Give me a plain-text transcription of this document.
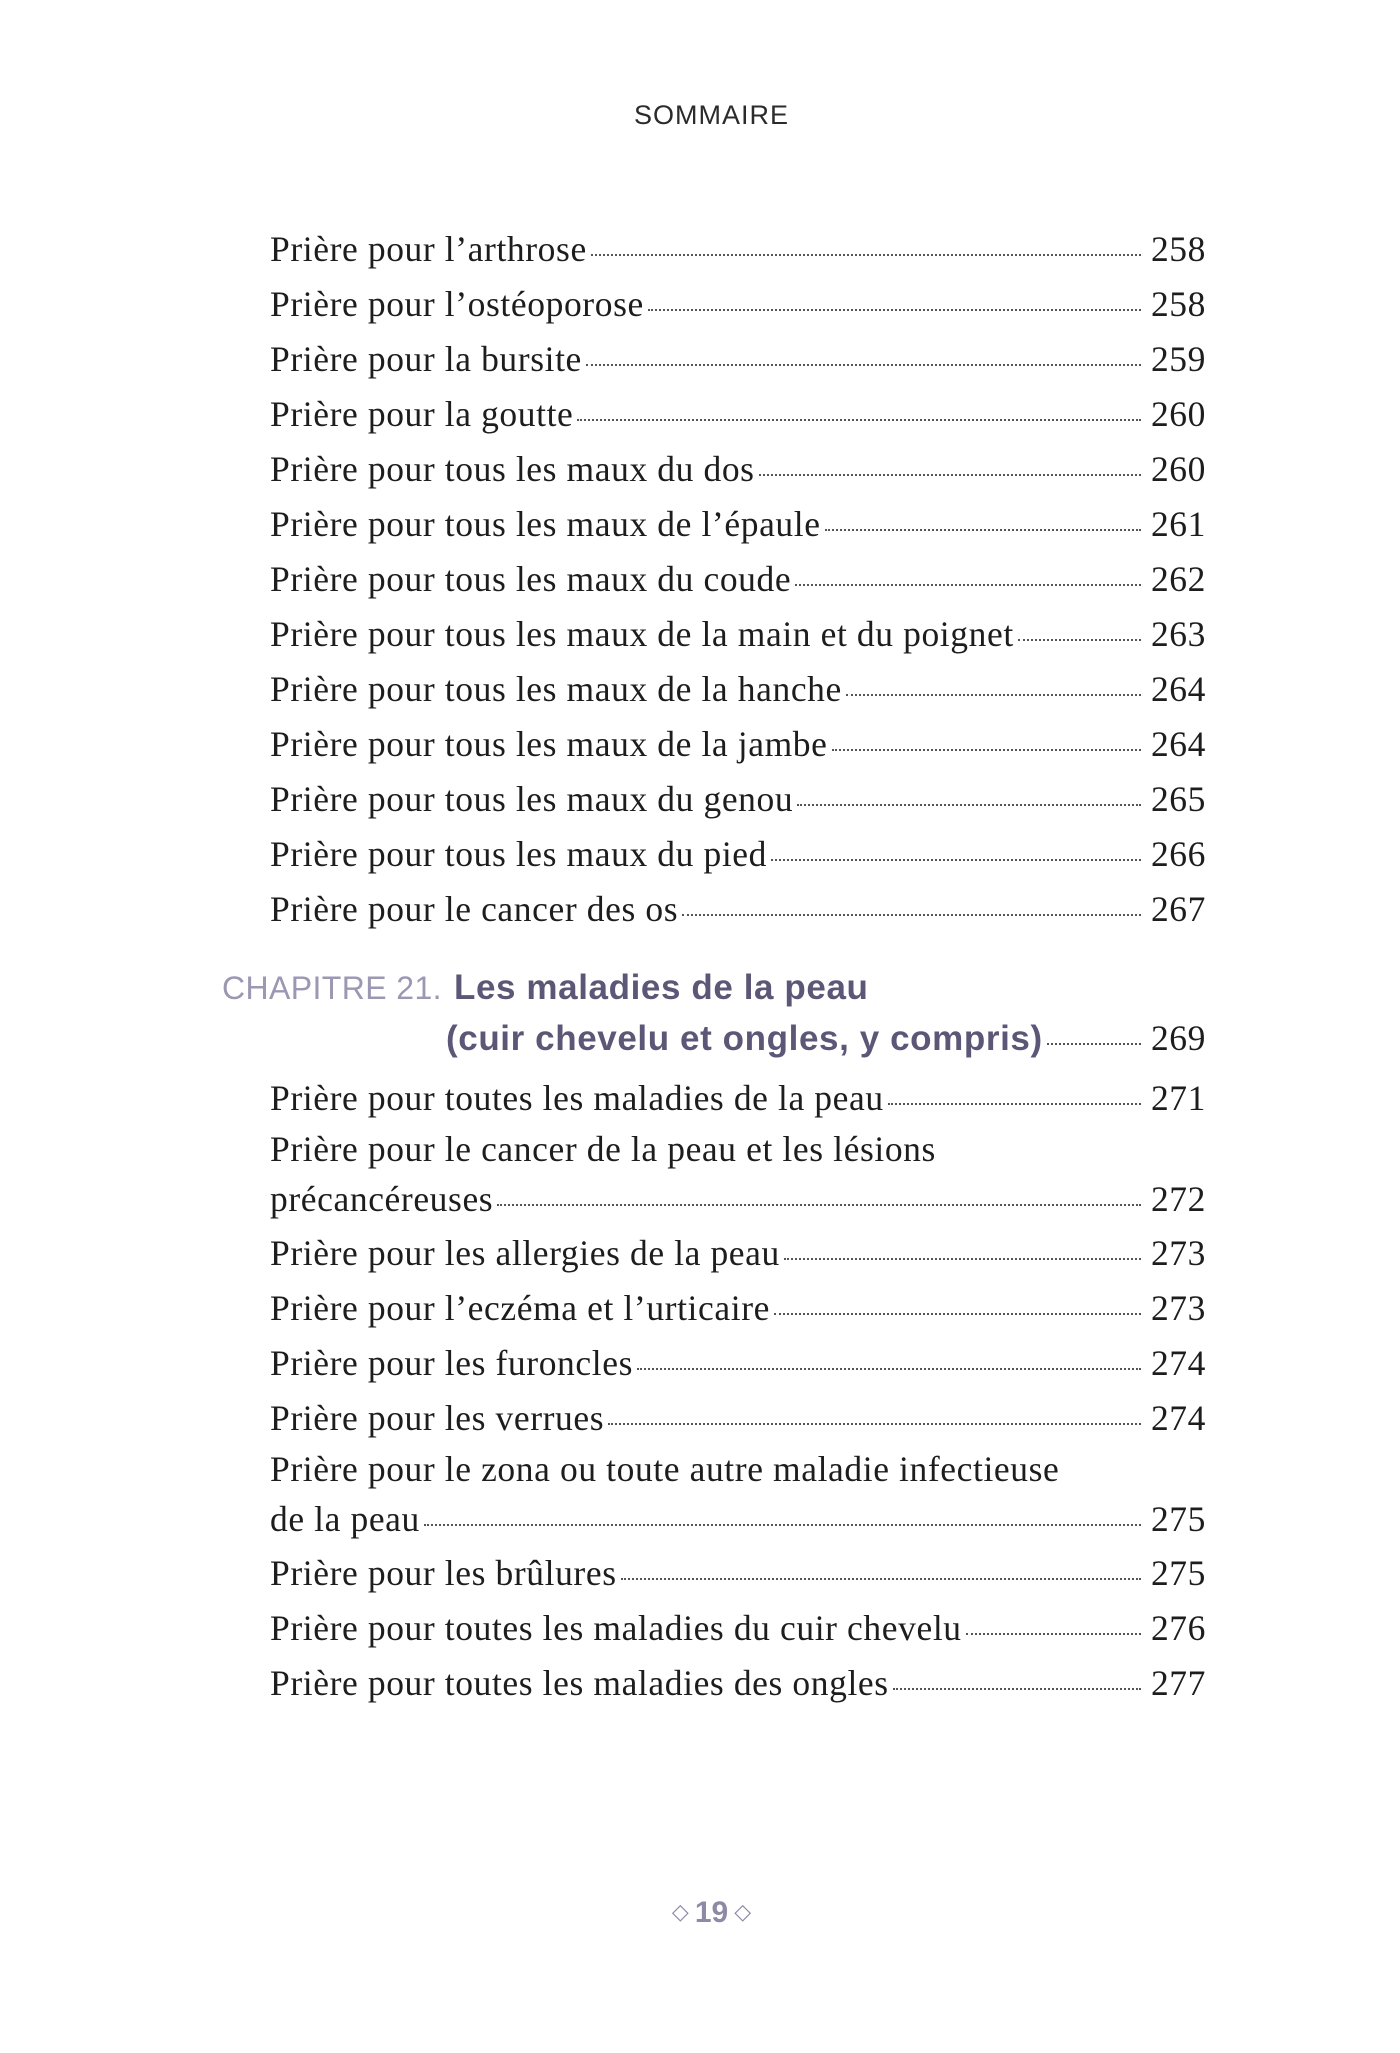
SOMMAIRE
Prière pour l’arthrose	258
Prière pour l’ostéoporose	258
Prière pour la bursite	259
Prière pour la goutte	260
Prière pour tous les maux du dos	260
Prière pour tous les maux de l’épaule	261
Prière pour tous les maux du coude	262
Prière pour tous les maux de la main et du poignet	263
Prière pour tous les maux de la hanche	264
Prière pour tous les maux de la jambe	264
Prière pour tous les maux du genou	265
Prière pour tous les maux du pied	266
Prière pour le cancer des os	267
CHAPITRE 21. Les maladies de la peau
(cuir chevelu et ongles, y compris)	269
Prière pour toutes les maladies de la peau	271
Prière pour le cancer de la peau et les lésions
précancéreuses	272
Prière pour les allergies de la peau	273
Prière pour l’eczéma et l’urticaire	273
Prière pour les furoncles	274
Prière pour les verrues	274
Prière pour le zona ou toute autre maladie infectieuse
de la peau	275
Prière pour les brûlures	275
Prière pour toutes les maladies du cuir chevelu	276
Prière pour toutes les maladies des ongles	277
◇ 19 ◇
